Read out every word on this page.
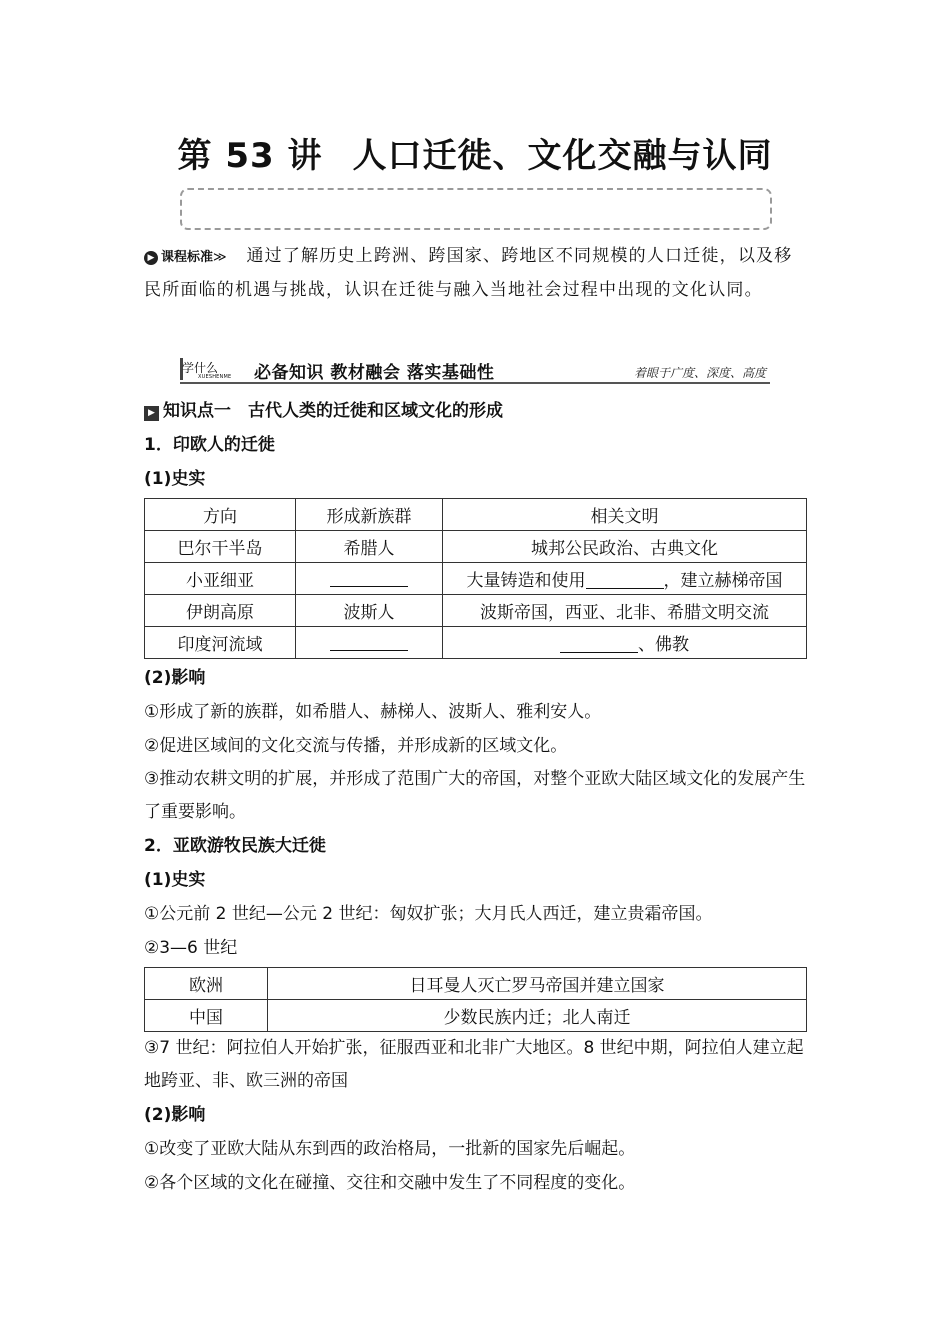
第 53 讲 人口迁徙、文化交融与认同
▶ 课程标准≫ 通过了解历史上跨洲、跨国家、跨地区不同规模的人口迁徙，以及移民所面临的机遇与挑战，认识在迁徙与融入当地社会过程中出现的文化认同。
学什么
XUESHENME 必备知识 教材融会 落实基础性	着眼于广度、深度、高度
▶ 知识点一　古代人类的迁徙和区域文化的形成
1．印欧人的迁徙
(1)史实
方向	形成新族群	相关文明
巴尔干半岛	希腊人	城邦公民政治、古典文化
小亚细亚		大量铸造和使用 ，建立赫梯帝国
伊朗高原	波斯人	波斯帝国，西亚、北非、希腊文明交流
印度河流域		、佛教
(2)影响
①形成了新的族群，如希腊人、赫梯人、波斯人、雅利安人。
②促进区域间的文化交流与传播，并形成新的区域文化。
③推动农耕文明的扩展，并形成了范围广大的帝国，对整个亚欧大陆区域文化的发展产生了重要影响。
2．亚欧游牧民族大迁徙
(1)史实
①公元前 2 世纪—公元 2 世纪：匈奴扩张；大月氏人西迁，建立贵霜帝国。
②3—6 世纪
欧洲	日耳曼人灭亡罗马帝国并建立国家
中国	少数民族内迁；北人南迁
③7 世纪：阿拉伯人开始扩张，征服西亚和北非广大地区。8 世纪中期，阿拉伯人建立起地跨亚、非、欧三洲的帝国
(2)影响
①改变了亚欧大陆从东到西的政治格局，一批新的国家先后崛起。
②各个区域的文化在碰撞、交往和交融中发生了不同程度的变化。
